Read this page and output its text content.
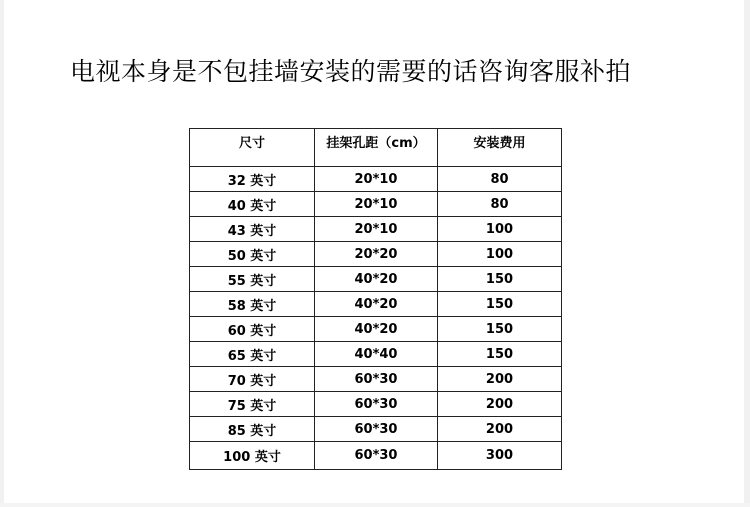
电视本身是不包挂墙安装的需要的话咨询客服补拍
尺寸	挂架孔距（cm）	安装费用
32 英寸	20*10	80
40 英寸	20*10	80
43 英寸	20*10	100
50 英寸	20*20	100
55 英寸	40*20	150
58 英寸	40*20	150
60 英寸	40*20	150
65 英寸	40*40	150
70 英寸	60*30	200
75 英寸	60*30	200
85 英寸	60*30	200
100 英寸	60*30	300
